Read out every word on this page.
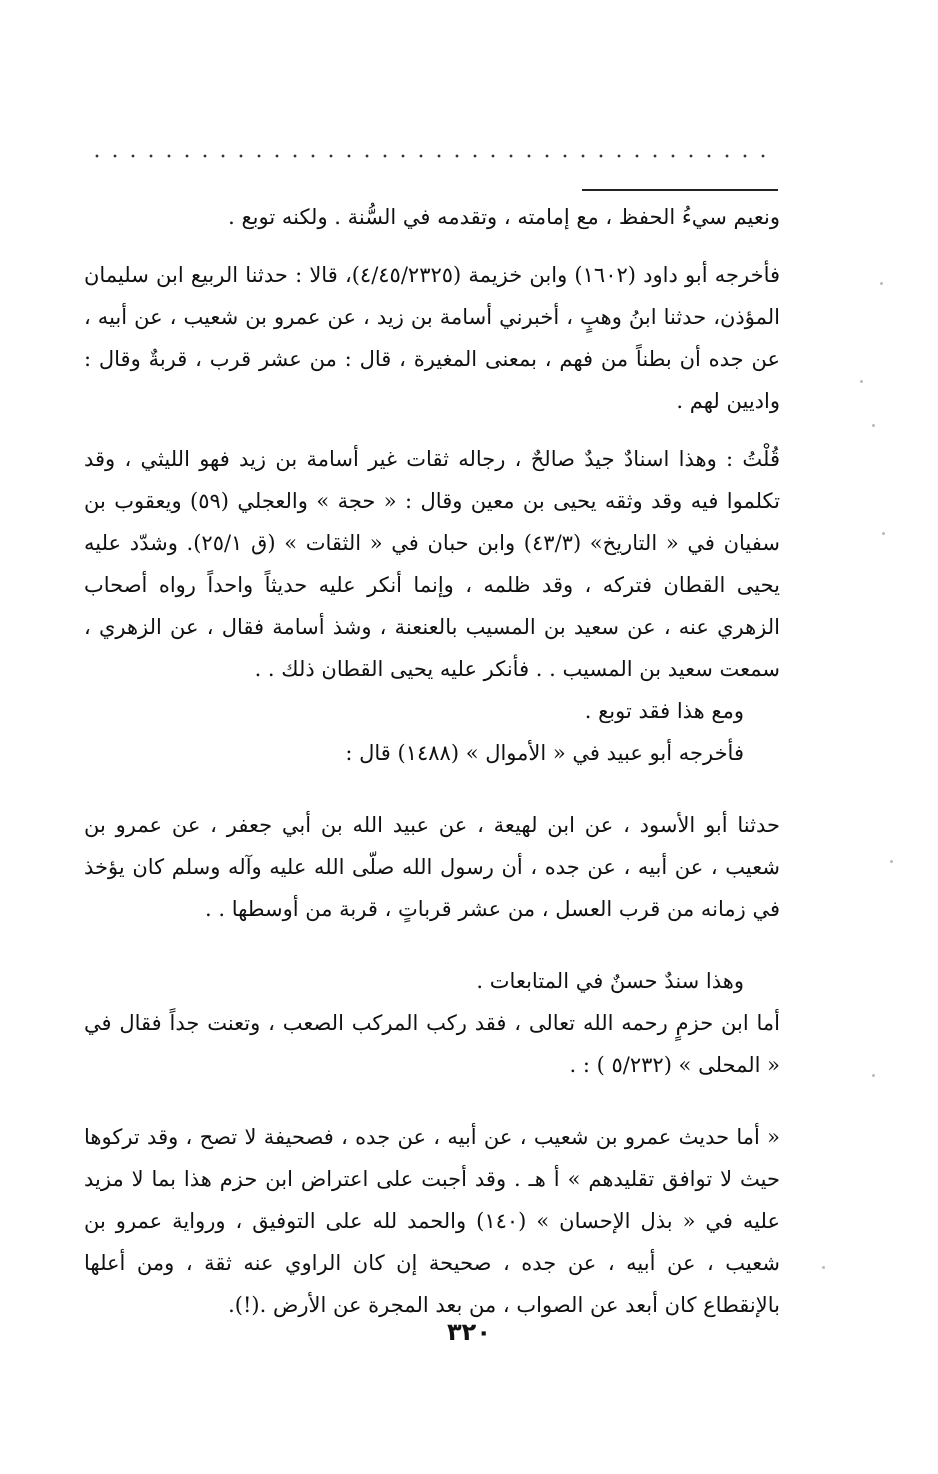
ونعيم سيءُ الحفظ ، مع إمامته ، وتقدمه في السُّنة . ولكنه توبع .

فأخرجه أبو داود (١٦٠٢) وابن خزيمة (٤/٤٥/٢٣٢٥)، قالا : حدثنا الربيع ابن سليمان المؤذن، حدثنا ابنُ وهبٍ ، أخبرني أسامة بن زيد ، عن عمرو بن شعيب ، عن أبيه ، عن جده أن بطناً من فهم ، بمعنى المغيرة ، قال : من عشر قرب ، قربةٌ وقال : واديين لهم .

قُلْتُ : وهذا اسنادٌ جيدٌ صالحٌ ، رجاله ثقات غير أسامة بن زيد فهو الليثي ، وقد تكلموا فيه وقد وثقه يحيى بن معين وقال : « حجة » والعجلي (٥٩) ويعقوب بن سفيان في « التاريخ» (٤٣/٣) وابن حبان في « الثقات » (ق ٢٥/١). وشدّد عليه يحيى القطان فتركه ، وقد ظلمه ، وإنما أنكر عليه حديثاً واحداً رواه أصحاب الزهري عنه ، عن سعيد بن المسيب بالعنعنة ، وشذ أسامة فقال ، عن الزهري ، سمعت سعيد بن المسيب . . فأنكر عليه يحيى القطان ذلك . .

ومع هذا فقد توبع .

فأخرجه أبو عبيد في « الأموال » (١٤٨٨) قال :

حدثنا أبو الأسود ، عن ابن لهيعة ، عن عبيد الله بن أبي جعفر ، عن عمرو بن شعيب ، عن أبيه ، عن جده ، أن رسول الله صلّى الله عليه وآله وسلم كان يؤخذ في زمانه من قرب العسل ، من عشر قرباتٍ ، قربة من أوسطها . .

وهذا سندٌ حسنٌ في المتابعات .

أما ابن حزمٍ رحمه الله تعالى ، فقد ركب المركب الصعب ، وتعنت جداً فقال في « المحلى » (٥/٢٣٢ ) : .

« أما حديث عمرو بن شعيب ، عن أبيه ، عن جده ، فصحيفة لا تصح ، وقد تركوها حيث لا توافق تقليدهم » أ هـ . وقد أجبت على اعتراض ابن حزم هذا بما لا مزيد عليه في « بذل الإحسان » (١٤٠) والحمد لله على التوفيق ، ورواية عمرو بن شعيب ، عن أبيه ، عن جده ، صحيحة إن كان الراوي عنه ثقة ، ومن أعلها بالإنقطاع كان أبعد عن الصواب ، من بعد المجرة عن الأرض .(!).

٣٢٠
